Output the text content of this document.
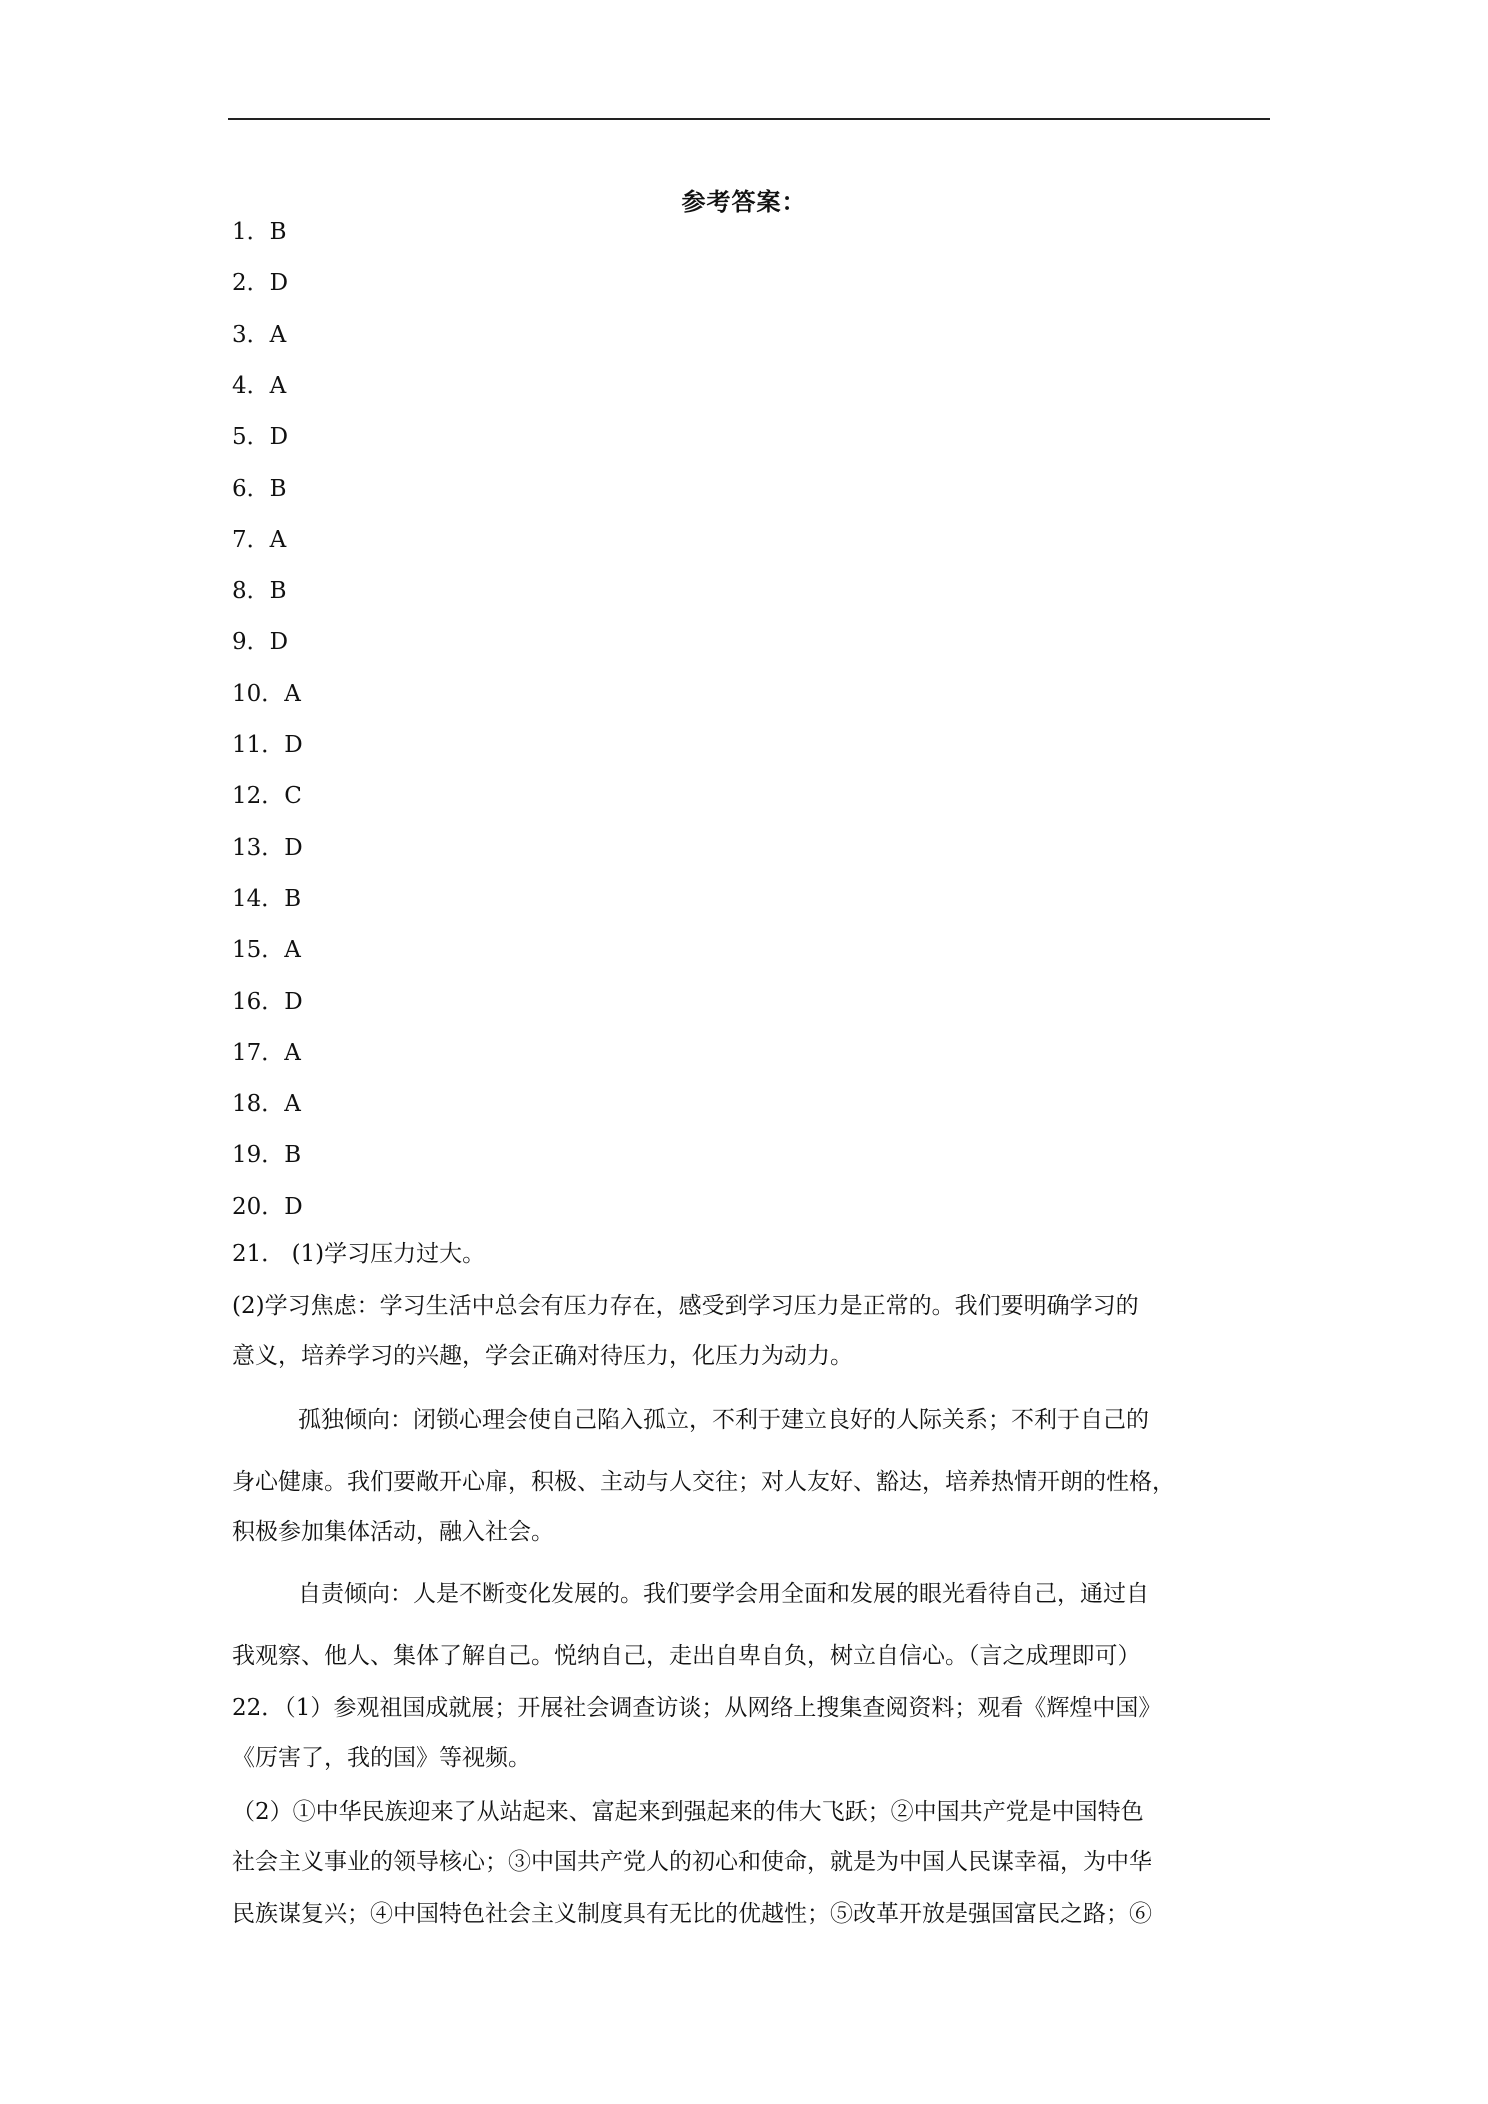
参考答案：
1．B
2．D
3．A
4．A
5．D
6．B
7．A
8．B
9．D
10．A
11．D
12．C
13．D
14．B
15．A
16．D
17．A
18．A
19．B
20．D
21． (1)学习压力过大。
(2)学习焦虑：学习生活中总会有压力存在，感受到学习压力是正常的。我们要明确学习的
意义，培养学习的兴趣，学会正确对待压力，化压力为动力。
孤独倾向：闭锁心理会使自己陷入孤立，不利于建立良好的人际关系；不利于自己的
身心健康。我们要敞开心扉，积极、主动与人交往；对人友好、豁达，培养热情开朗的性格，
积极参加集体活动，融入社会。
自责倾向：人是不断变化发展的。我们要学会用全面和发展的眼光看待自己，通过自
我观察、他人、集体了解自己。悦纳自己，走出自卑自负，树立自信心。（言之成理即可）
22．（1）参观祖国成就展；开展社会调查访谈；从网络上搜集查阅资料；观看《辉煌中国》
《厉害了，我的国》等视频。
（2）①中华民族迎来了从站起来、富起来到强起来的伟大飞跃；②中国共产党是中国特色
社会主义事业的领导核心；③中国共产党人的初心和使命，就是为中国人民谋幸福，为中华
民族谋复兴；④中国特色社会主义制度具有无比的优越性；⑤改革开放是强国富民之路；⑥
